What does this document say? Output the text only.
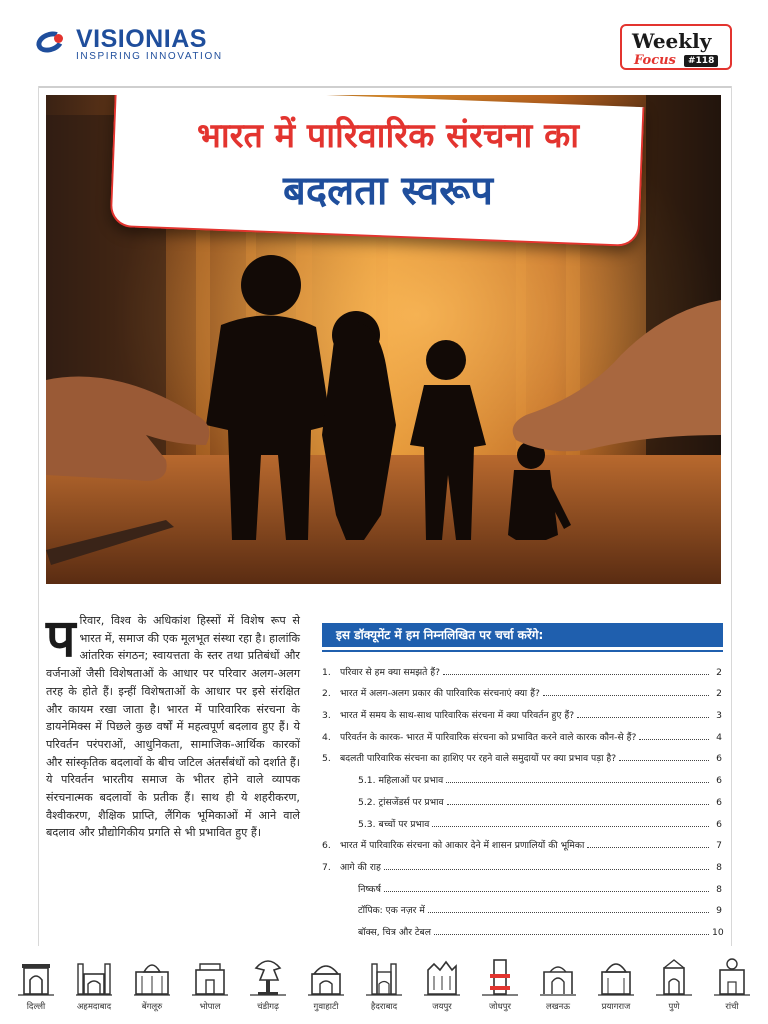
VISIONIAS
INSPIRING INNOVATION
Weekly
Focus	#118
भारत में पारिवारिक संरचना का
बदलता स्वरूप
प रिवार, विश्व के अधिकांश हिस्सों में विशेष रूप से भारत में, समाज की एक मूलभूत संस्था रहा है। हालांकि आंतरिक संगठन; स्वायत्तता के स्तर तथा प्रतिबंधों और वर्जनाओं जैसी विशेषताओं के आधार पर परिवार अलग-अलग तरह के होते हैं। इन्हीं विशेषताओं के आधार पर इसे संरक्षित और कायम रखा जाता है। भारत में पारिवारिक संरचना के डायनेमिक्स में पिछले कुछ वर्षों में महत्वपूर्ण बदलाव हुए हैं। ये परिवर्तन परंपराओं, आधुनिकता, सामाजिक-आर्थिक कारकों और सांस्कृतिक बदलावों के बीच जटिल अंतर्संबंधों को दर्शाते हैं। ये परिवर्तन भारतीय समाज के भीतर होने वाले व्यापक संरचनात्मक बदलावों के प्रतीक हैं। साथ ही ये शहरीकरण, वैश्वीकरण, शैक्षिक प्राप्ति, लैंगिक भूमिकाओं में आने वाले बदलाव और प्रौद्योगिकीय प्रगति से भी प्रभावित हुए हैं।
इस डॉक्यूमेंट में हम निम्नलिखित पर चर्चा करेंगे:
1.	परिवार से हम क्या समझते हैं?	2
2.	भारत में अलग-अलग प्रकार की पारिवारिक संरचनाएं क्या हैं?	2
3.	भारत में समय के साथ-साथ पारिवारिक संरचना में क्या परिवर्तन हुए हैं?	3
4.	परिवर्तन के कारक- भारत में पारिवारिक संरचना को प्रभावित करने वाले कारक कौन-से हैं?	4
5.	बदलती पारिवारिक संरचना का हाशिए पर रहने वाले समुदायों पर क्या प्रभाव पड़ा है?	6
5.1. महिलाओं पर प्रभाव	6
5.2. ट्रांसजेंडर्स पर प्रभाव	6
5.3. बच्चों पर प्रभाव	6
6.	भारत में पारिवारिक संरचना को आकार देने में शासन प्रणालियों की भूमिका	7
7.	आगे की राह	8
निष्कर्ष	8
टॉपिक: एक नज़र में	9
बॉक्स, चित्र और टेबल	10
दिल्ली	अहमदाबाद	बेंगलूरु	भोपाल	चंडीगढ़	गुवाहाटी	हैदराबाद	जयपुर	जोधपुर	लखनऊ	प्रयागराज	पुणे	रांची
